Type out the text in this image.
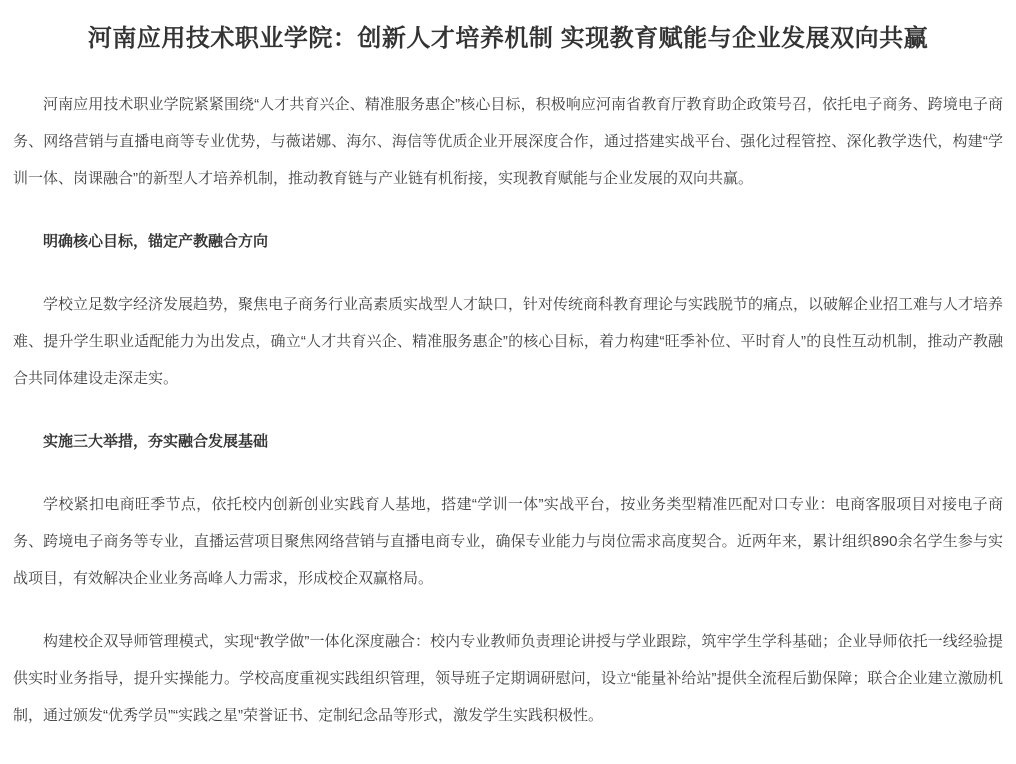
河南应用技术职业学院：创新人才培养机制 实现教育赋能与企业发展双向共赢

河南应用技术职业学院紧紧围绕“人才共育兴企、精准服务惠企”核心目标，积极响应河南省教育厅教育助企政策号召，依托电子商务、跨境电子商务、网络营销与直播电商等专业优势，与薇诺娜、海尔、海信等优质企业开展深度合作，通过搭建实战平台、强化过程管控、深化教学迭代，构建“学训一体、岗课融合”的新型人才培养机制，推动教育链与产业链有机衔接，实现教育赋能与企业发展的双向共赢。

明确核心目标，锚定产教融合方向

学校立足数字经济发展趋势，聚焦电子商务行业高素质实战型人才缺口，针对传统商科教育理论与实践脱节的痛点，以破解企业招工难与人才培养难、提升学生职业适配能力为出发点，确立“人才共育兴企、精准服务惠企”的核心目标，着力构建“旺季补位、平时育人”的良性互动机制，推动产教融合共同体建设走深走实。

实施三大举措，夯实融合发展基础

学校紧扣电商旺季节点，依托校内创新创业实践育人基地，搭建“学训一体”实战平台，按业务类型精准匹配对口专业：电商客服项目对接电子商务、跨境电子商务等专业，直播运营项目聚焦网络营销与直播电商专业，确保专业能力与岗位需求高度契合。近两年来，累计组织890余名学生参与实战项目，有效解决企业业务高峰人力需求，形成校企双赢格局。

构建校企双导师管理模式，实现“教学做”一体化深度融合：校内专业教师负责理论讲授与学业跟踪，筑牢学生学科基础；企业导师依托一线经验提供实时业务指导，提升实操能力。学校高度重视实践组织管理，领导班子定期调研慰问，设立“能量补给站”提供全流程后勤保障；联合企业建立激励机制，通过颁发“优秀学员”“实践之星”荣誉证书、定制纪念品等形式，激发学生实践积极性。
